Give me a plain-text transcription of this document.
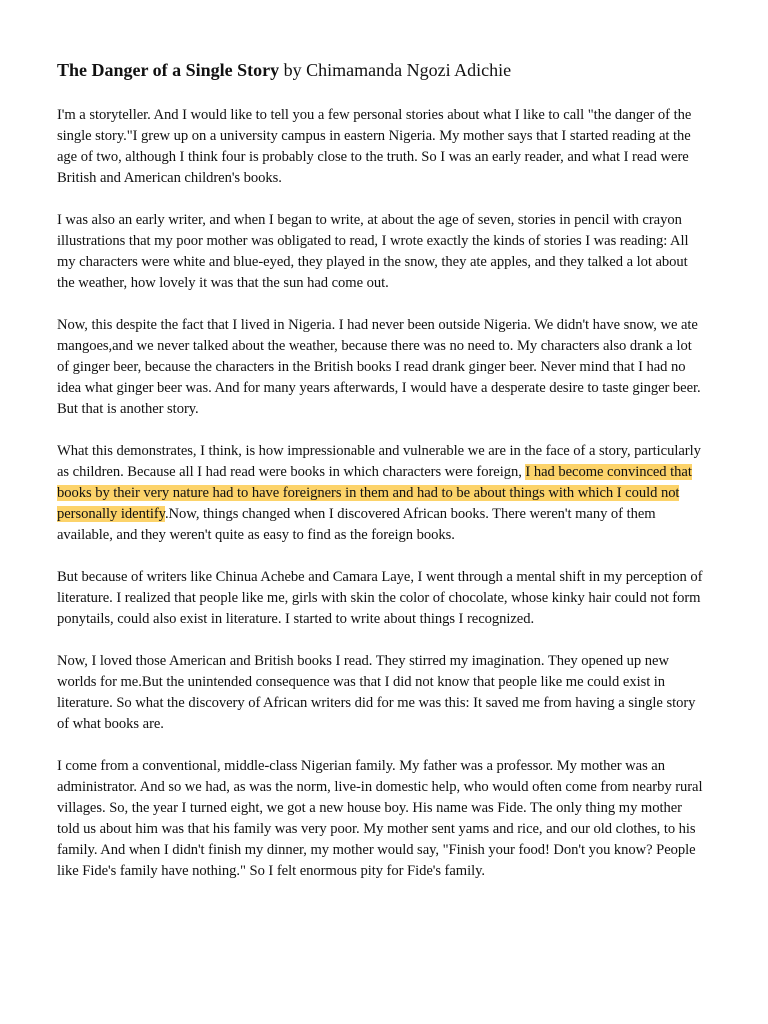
The Danger of a Single Story by Chimamanda Ngozi Adichie

I'm a storyteller. And I would like to tell you a few personal stories about what I like to call "the danger of the single story."I grew up on a university campus in eastern Nigeria. My mother says that I started reading at the age of two, although I think four is probably close to the truth. So I was an early reader, and what I read were British and American children's books.

I was also an early writer, and when I began to write, at about the age of seven, stories in pencil with crayon illustrations that my poor mother was obligated to read, I wrote exactly the kinds of stories I was reading: All my characters were white and blue-eyed, they played in the snow, they ate apples, and they talked a lot about the weather, how lovely it was that the sun had come out.

Now, this despite the fact that I lived in Nigeria. I had never been outside Nigeria. We didn't have snow, we ate mangoes,and we never talked about the weather, because there was no need to. My characters also drank a lot of ginger beer, because the characters in the British books I read drank ginger beer. Never mind that I had no idea what ginger beer was. And for many years afterwards, I would have a desperate desire to taste ginger beer. But that is another story.

What this demonstrates, I think, is how impressionable and vulnerable we are in the face of a story, particularly as children. Because all I had read were books in which characters were foreign, I had become convinced that books by their very nature had to have foreigners in them and had to be about things with which I could not personally identify.Now, things changed when I discovered African books. There weren't many of them available, and they weren't quite as easy to find as the foreign books.

But because of writers like Chinua Achebe and Camara Laye, I went through a mental shift in my perception of literature. I realized that people like me, girls with skin the color of chocolate, whose kinky hair could not form ponytails, could also exist in literature. I started to write about things I recognized.

Now, I loved those American and British books I read. They stirred my imagination. They opened up new worlds for me.But the unintended consequence was that I did not know that people like me could exist in literature. So what the discovery of African writers did for me was this: It saved me from having a single story of what books are.

I come from a conventional, middle-class Nigerian family. My father was a professor. My mother was an administrator. And so we had, as was the norm, live-in domestic help, who would often come from nearby rural villages. So, the year I turned eight, we got a new house boy. His name was Fide. The only thing my mother told us about him was that his family was very poor. My mother sent yams and rice, and our old clothes, to his family. And when I didn't finish my dinner, my mother would say, "Finish your food! Don't you know? People like Fide's family have nothing." So I felt enormous pity for Fide's family.
